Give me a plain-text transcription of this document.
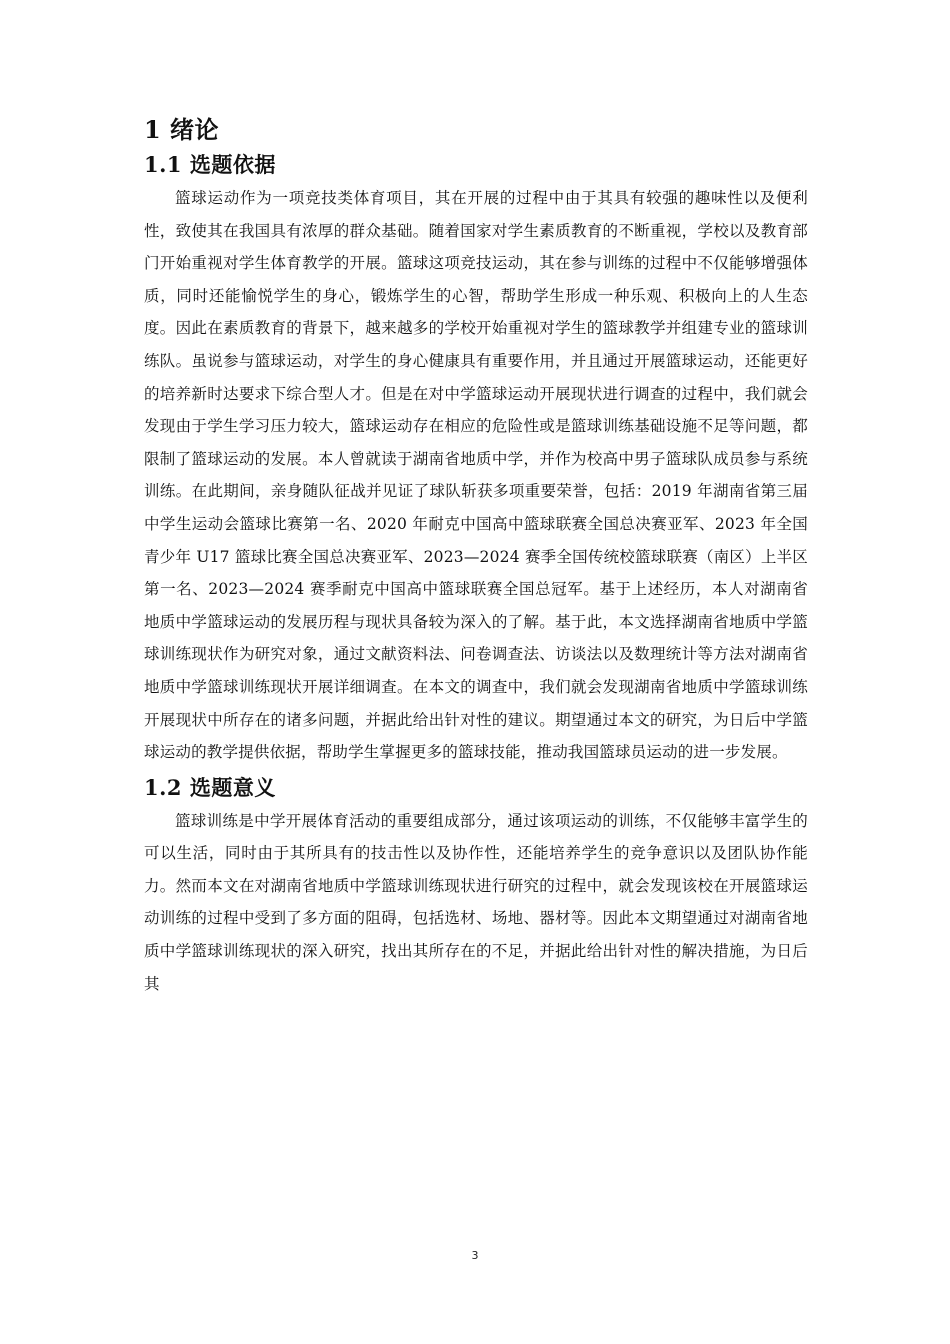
1 绪论
1.1 选题依据

篮球运动作为一项竞技类体育项目，其在开展的过程中由于其具有较强的趣味性以及便利性，致使其在我国具有浓厚的群众基础。随着国家对学生素质教育的不断重视，学校以及教育部门开始重视对学生体育教学的开展。篮球这项竞技运动，其在参与训练的过程中不仅能够增强体质，同时还能愉悦学生的身心，锻炼学生的心智，帮助学生形成一种乐观、积极向上的人生态度。因此在素质教育的背景下，越来越多的学校开始重视对学生的篮球教学并组建专业的篮球训练队。虽说参与篮球运动，对学生的身心健康具有重要作用，并且通过开展篮球运动，还能更好的培养新时达要求下综合型人才。但是在对中学篮球运动开展现状进行调查的过程中，我们就会发现由于学生学习压力较大，篮球运动存在相应的危险性或是篮球训练基础设施不足等问题，都限制了篮球运动的发展。本人曾就读于湖南省地质中学，并作为校高中男子篮球队成员参与系统训练。在此期间，亲身随队征战并见证了球队斩获多项重要荣誉，包括：2019 年湖南省第三届中学生运动会篮球比赛第一名、2020 年耐克中国高中篮球联赛全国总决赛亚军、2023 年全国青少年 U17 篮球比赛全国总决赛亚军、2023—2024 赛季全国传统校篮球联赛（南区）上半区第一名、2023—2024 赛季耐克中国高中篮球联赛全国总冠军。基于上述经历，本人对湖南省地质中学篮球运动的发展历程与现状具备较为深入的了解。基于此，本文选择湖南省地质中学篮球训练现状作为研究对象，通过文献资料法、问卷调查法、访谈法以及数理统计等方法对湖南省地质中学篮球训练现状开展详细调查。在本文的调查中，我们就会发现湖南省地质中学篮球训练开展现状中所存在的诸多问题，并据此给出针对性的建议。期望通过本文的研究，为日后中学篮球运动的教学提供依据，帮助学生掌握更多的篮球技能，推动我国篮球员运动的进一步发展。

1.2 选题意义

篮球训练是中学开展体育活动的重要组成部分，通过该项运动的训练，不仅能够丰富学生的可以生活，同时由于其所具有的技击性以及协作性，还能培养学生的竞争意识以及团队协作能力。然而本文在对湖南省地质中学篮球训练现状进行研究的过程中，就会发现该校在开展篮球运动训练的过程中受到了多方面的阻碍，包括选材、场地、器材等。因此本文期望通过对湖南省地质中学篮球训练现状的深入研究，找出其所存在的不足，并据此给出针对性的解决措施，为日后其

3
